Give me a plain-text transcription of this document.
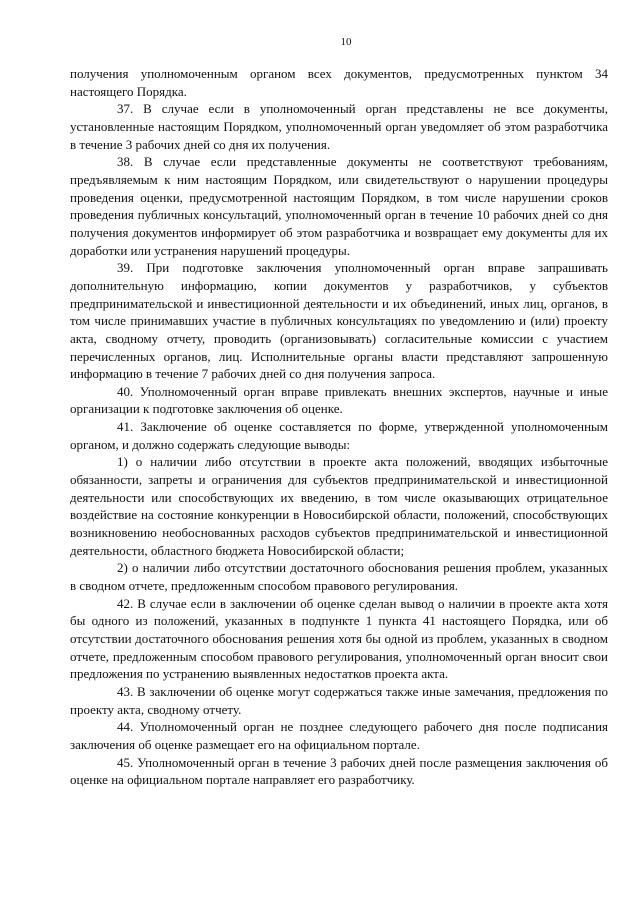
10

получения уполномоченным органом всех документов, предусмотренных пунктом 34 настоящего Порядка.

37. В случае если в уполномоченный орган представлены не все документы, установленные настоящим Порядком, уполномоченный орган уведомляет об этом разработчика в течение 3 рабочих дней со дня их получения.

38. В случае если представленные документы не соответствуют требованиям, предъявляемым к ним настоящим Порядком, или свидетельствуют о нарушении процедуры проведения оценки, предусмотренной настоящим Порядком, в том числе нарушении сроков проведения публичных консультаций, уполномоченный орган в течение 10 рабочих дней со дня получения документов информирует об этом разработчика и возвращает ему документы для их доработки или устранения нарушений процедуры.

39. При подготовке заключения уполномоченный орган вправе запрашивать дополнительную информацию, копии документов у разработчиков, у субъектов предпринимательской и инвестиционной деятельности и их объединений, иных лиц, органов, в том числе принимавших участие в публичных консультациях по уведомлению и (или) проекту акта, сводному отчету, проводить (организовывать) согласительные комиссии с участием перечисленных органов, лиц. Исполнительные органы власти представляют запрошенную информацию в течение 7 рабочих дней со дня получения запроса.

40. Уполномоченный орган вправе привлекать внешних экспертов, научные и иные организации к подготовке заключения об оценке.

41. Заключение об оценке составляется по форме, утвержденной уполномоченным органом, и должно содержать следующие выводы:

1) о наличии либо отсутствии в проекте акта положений, вводящих избыточные обязанности, запреты и ограничения для субъектов предпринимательской и инвестиционной деятельности или способствующих их введению, в том числе оказывающих отрицательное воздействие на состояние конкуренции в Новосибирской области, положений, способствующих возникновению необоснованных расходов субъектов предпринимательской и инвестиционной деятельности, областного бюджета Новосибирской области;

2) о наличии либо отсутствии достаточного обоснования решения проблем, указанных в сводном отчете, предложенным способом правового регулирования.

42. В случае если в заключении об оценке сделан вывод о наличии в проекте акта хотя бы одного из положений, указанных в подпункте 1 пункта 41 настоящего Порядка, или об отсутствии достаточного обоснования решения хотя бы одной из проблем, указанных в сводном отчете, предложенным способом правового регулирования, уполномоченный орган вносит свои предложения по устранению выявленных недостатков проекта акта.

43. В заключении об оценке могут содержаться также иные замечания, предложения по проекту акта, сводному отчету.

44. Уполномоченный орган не позднее следующего рабочего дня после подписания заключения об оценке размещает его на официальном портале.

45. Уполномоченный орган в течение 3 рабочих дней после размещения заключения об оценке на официальном портале направляет его разработчику.
